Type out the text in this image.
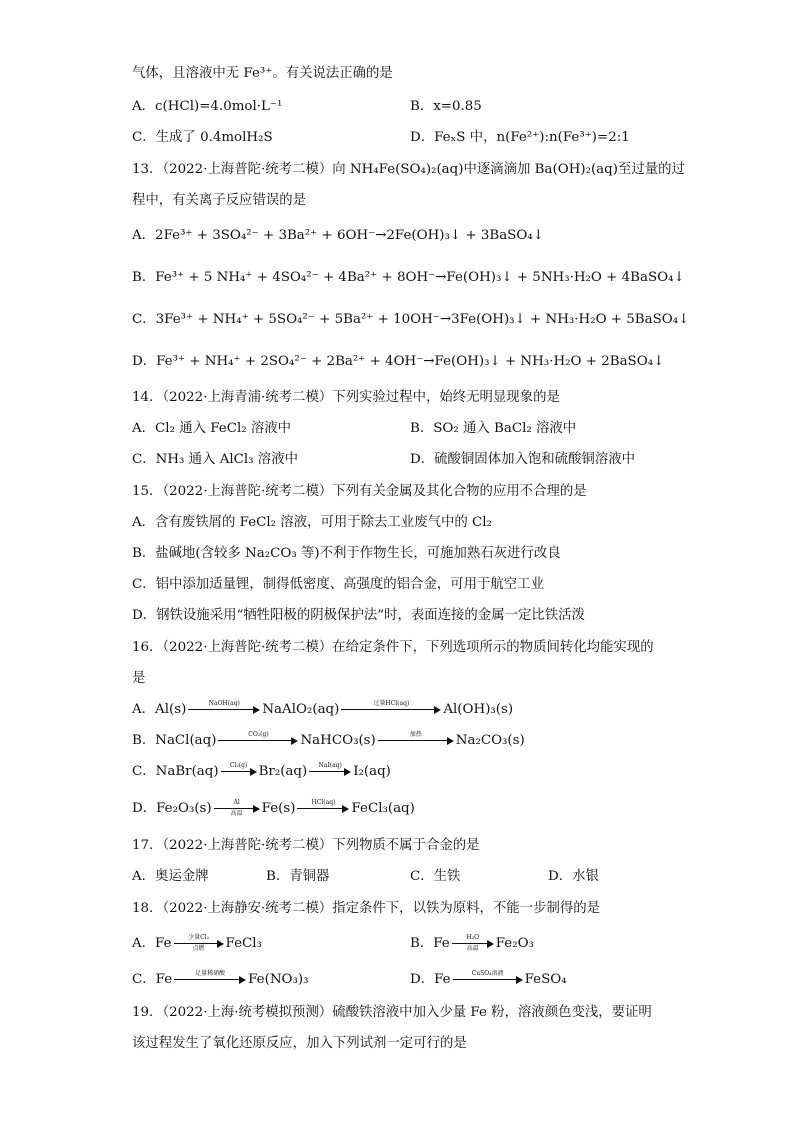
气体，且溶液中无 Fe³⁺。有关说法正确的是
A．c(HCl)=4.0mol·L⁻¹	B．x=0.85
C．生成了 0.4molH₂S	D．FeₓS 中，n(Fe²⁺):n(Fe³⁺)=2:1
13．（2022·上海普陀·统考二模）向 NH₄Fe(SO₄)₂(aq)中逐滴滴加 Ba(OH)₂(aq)至过量的过
程中，有关离子反应错误的是
A．2Fe³⁺ + 3SO₄²⁻ + 3Ba²⁺ + 6OH⁻→2Fe(OH)₃↓ + 3BaSO₄↓
B．Fe³⁺ + 5 NH₄⁺ + 4SO₄²⁻ + 4Ba²⁺ + 8OH⁻→Fe(OH)₃↓ + 5NH₃·H₂O + 4BaSO₄↓
C．3Fe³⁺ + NH₄⁺ + 5SO₄²⁻ + 5Ba²⁺ + 10OH⁻→3Fe(OH)₃↓ + NH₃·H₂O + 5BaSO₄↓
D．Fe³⁺ + NH₄⁺ + 2SO₄²⁻ + 2Ba²⁺ + 4OH⁻→Fe(OH)₃↓ + NH₃·H₂O + 2BaSO₄↓
14．（2022·上海青浦·统考二模）下列实验过程中，始终无明显现象的是
A．Cl₂ 通入 FeCl₂ 溶液中	B．SO₂ 通入 BaCl₂ 溶液中
C．NH₃ 通入 AlCl₃ 溶液中	D．硫酸铜固体加入饱和硫酸铜溶液中
15．（2022·上海普陀·统考二模）下列有关金属及其化合物的应用不合理的是
A．含有废铁屑的 FeCl₂ 溶液，可用于除去工业废气中的 Cl₂
B．盐碱地(含较多 Na₂CO₃ 等)不利于作物生长，可施加熟石灰进行改良
C．铝中添加适量锂，制得低密度、高强度的铝合金，可用于航空工业
D．钢铁设施采用“牺牲阳极的阴极保护法”时，表面连接的金属一定比铁活泼
16．（2022·上海普陀·统考二模）在给定条件下，下列选项所示的物质间转化均能实现的
是
A．Al(s)	NaOH(aq)	NaAlO₂(aq)	过量HCl(aq)	Al(OH)₃(s)
B．NaCl(aq)	CO₂(g)	NaHCO₃(s)	加热	Na₂CO₃(s)
C．NaBr(aq)	Cl₂(g) Br₂(aq)	NaI(aq) I₂(aq)
D．Fe₂O₃(s)	Al
高温	Fe(s)	HCl(aq)	FeCl₃(aq)
17．（2022·上海普陀·统考二模）下列物质不属于合金的是
A．奥运金牌	B．青铜器	C．生铁	D．水银
18．（2022·上海静安·统考二模）指定条件下，以铁为原料，不能一步制得的是
A．Fe	少量Cl₂
点燃	FeCl₃	B．Fe	H₂O
高温	Fe₂O₃
C．Fe	足量稀硝酸	Fe(NO₃)₃	D．Fe	CuSO₄溶液	FeSO₄
19．（2022·上海·统考模拟预测）硫酸铁溶液中加入少量 Fe 粉，溶液颜色变浅，要证明
该过程发生了氧化还原反应，加入下列试剂一定可行的是
